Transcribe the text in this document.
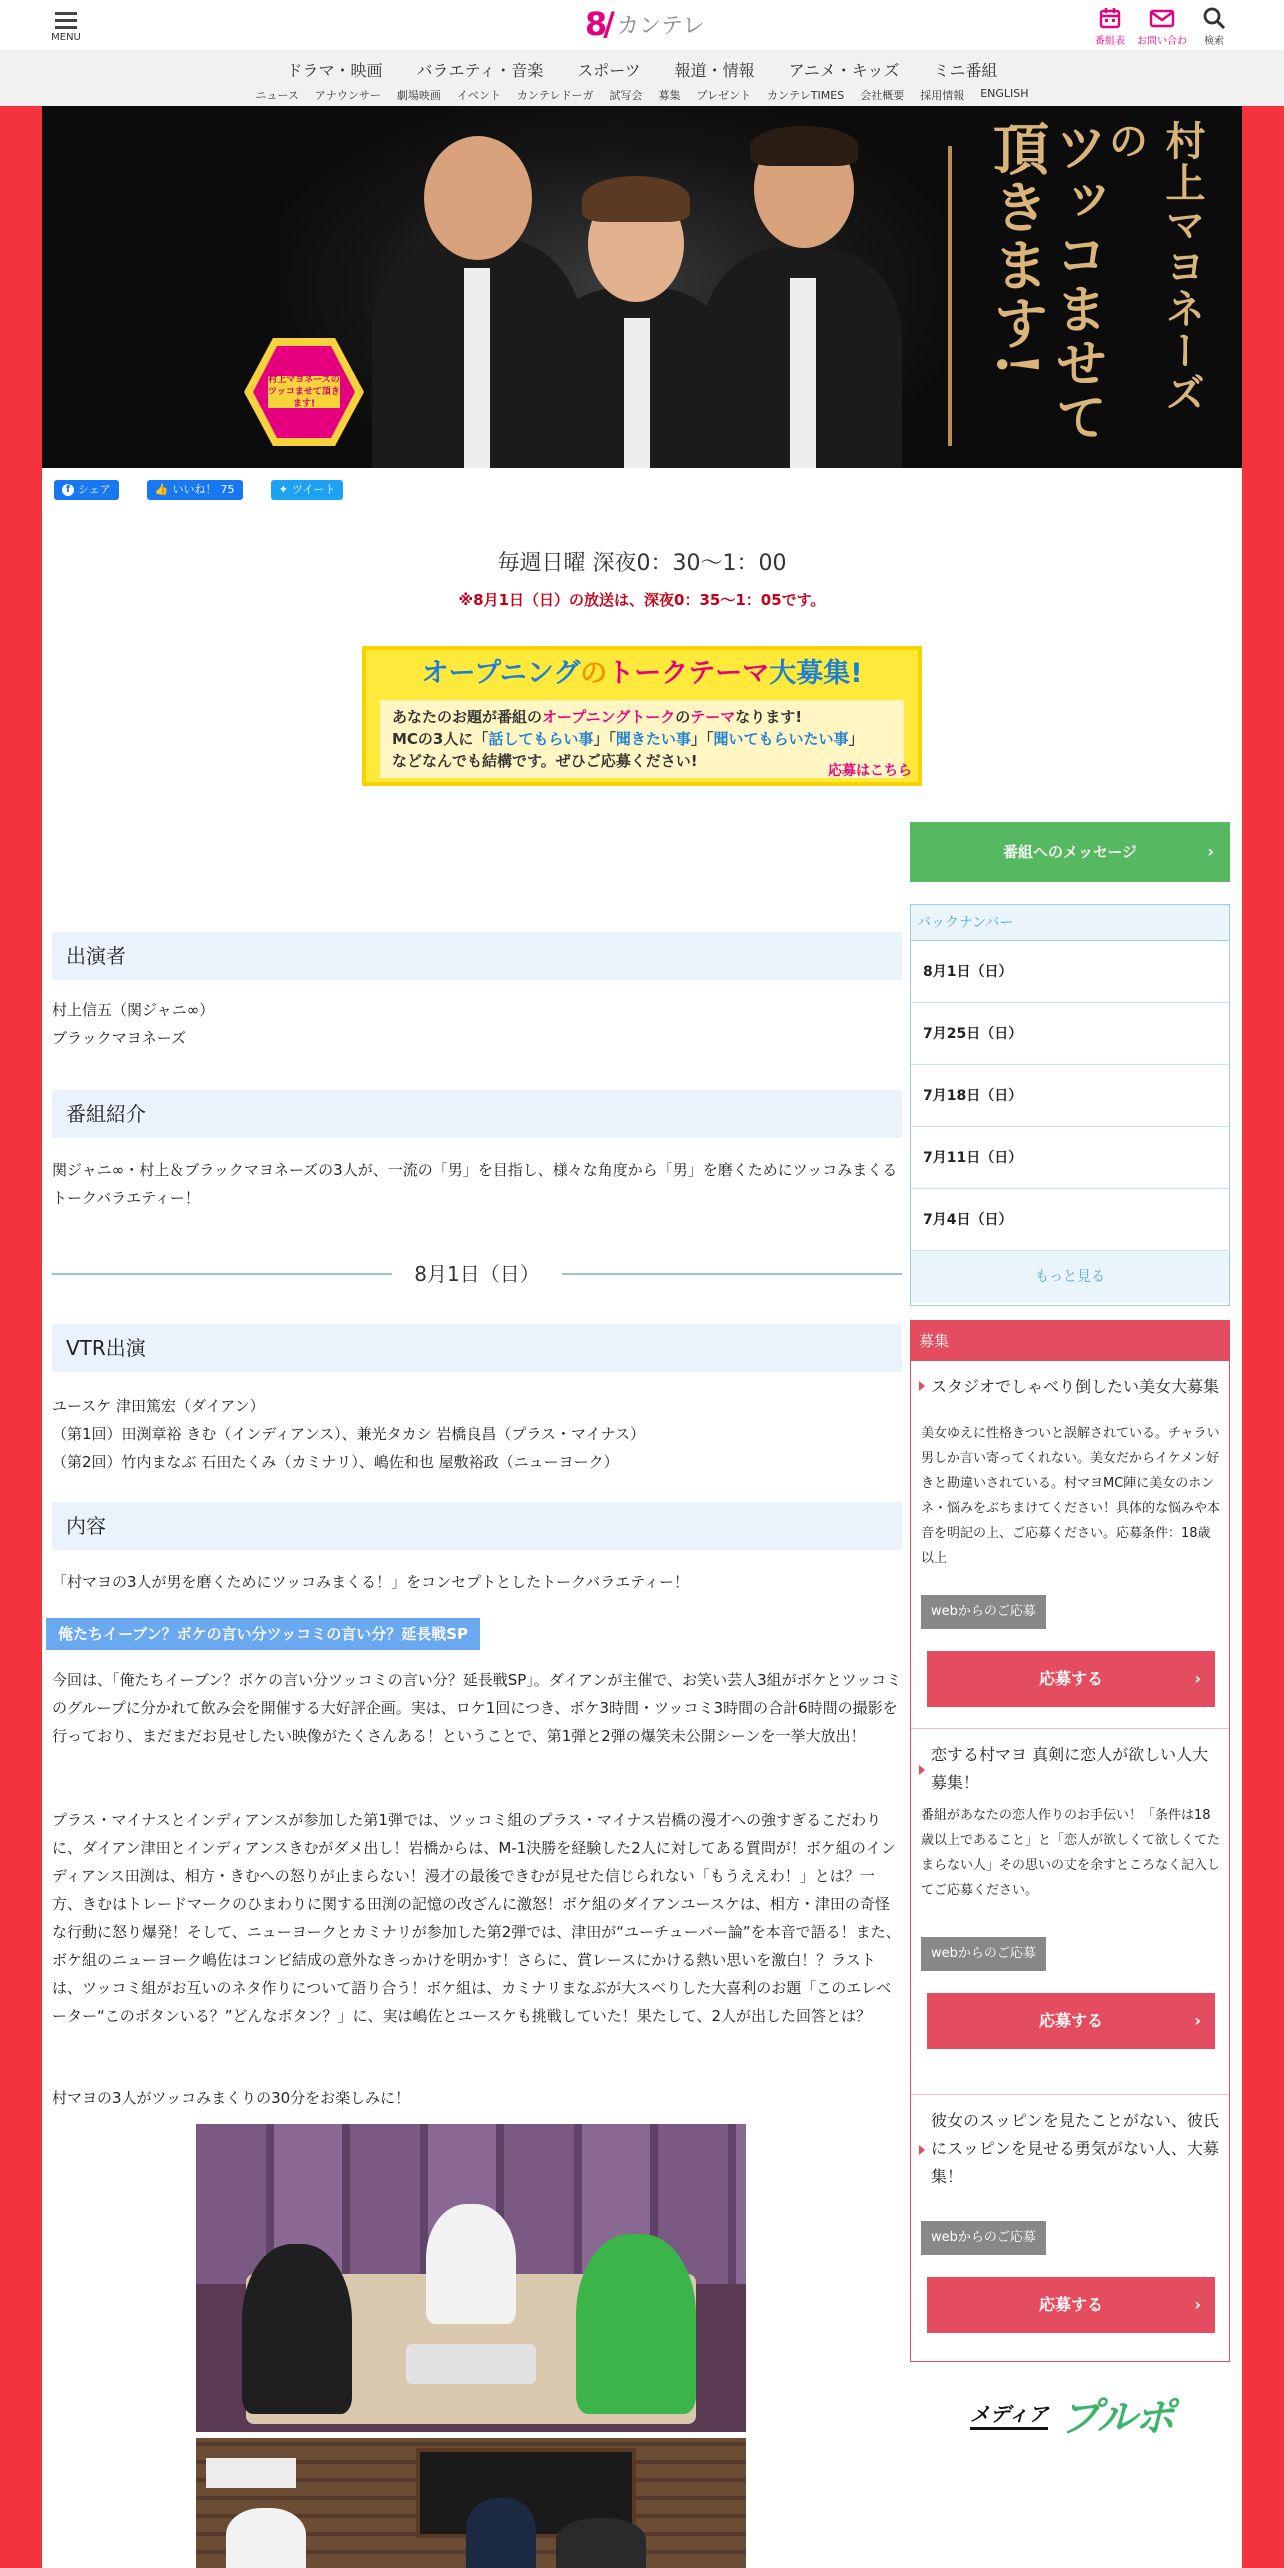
MENU	8 / カンテレ
番組表	お問い合わ	検索
ドラマ・映画 バラエティ・音楽 スポーツ 報道・情報 アニメ・キッズ ミニ番組
ニュース アナウンサー 劇場映画 イベント カンテレドーガ 試写会 募集 プレゼント カンテレTIMES 会社概要 採用情報 ENGLISH
村上マヨネーズのツッコませて頂きます!	村上マヨネーズの
ツッコませて
頂きます!
f シェア	👍 いいね！ 75	✦ ツイート
毎週日曜 深夜0：30～1：00
※8月1日（日）の放送は、深夜0：35～1：05です。
オープニングのトークテーマ大募集!
あなたのお題が番組のオープニングトークのテーマなります!
MCの3人に「話してもらい事」「聞きたい事」「聞いてもらいたい事」
などなんでも結構です。ぜひご応募ください!
応募はこちら
出演者
村上信五（関ジャニ∞）
ブラックマヨネーズ
番組紹介
関ジャニ∞・村上＆ブラックマヨネーズの3人が、一流の「男」を目指し、様々な角度から「男」を磨くためにツッコみまくるトークバラエティー！
8月1日（日）
VTR出演
ユースケ 津田篤宏（ダイアン）
（第1回）田渕章裕 きむ（インディアンス）、兼光タカシ 岩橋良昌（プラス・マイナス）
（第2回）竹内まなぶ 石田たくみ（カミナリ）、嶋佐和也 屋敷裕政（ニューヨーク）
内容
「村マヨの3人が男を磨くためにツッコみまくる！」をコンセプトとしたトークバラエティー！
俺たちイーブン？ボケの言い分ツッコミの言い分？延長戦SP
今回は、「俺たちイーブン？ボケの言い分ツッコミの言い分？延長戦SP」。ダイアンが主催で、お笑い芸人3組がボケとツッコミのグループに分かれて飲み会を開催する大好評企画。実は、ロケ1回につき、ボケ3時間・ツッコミ3時間の合計6時間の撮影を行っており、まだまだお見せしたい映像がたくさんある！ということで、第1弾と2弾の爆笑未公開シーンを一挙大放出！
プラス・マイナスとインディアンスが参加した第1弾では、ツッコミ組のプラス・マイナス岩橋の漫才への強すぎるこだわりに、ダイアン津田とインディアンスきむがダメ出し！岩橋からは、M-1決勝を経験した2人に対してある質問が！ボケ組のインディアンス田渕は、相方・きむへの怒りが止まらない！漫才の最後できむが見せた信じられない「もうええわ！」とは？一方、きむはトレードマークのひまわりに関する田渕の記憶の改ざんに激怒！ボケ組のダイアンユースケは、相方・津田の奇怪な行動に怒り爆発！そして、ニューヨークとカミナリが参加した第2弾では、津田が“ユーチューバー論”を本音で語る！また、ボケ組のニューヨーク嶋佐はコンビ結成の意外なきっかけを明かす！さらに、賞レースにかける熱い思いを激白！？ラストは、ツッコミ組がお互いのネタ作りについて語り合う！ボケ組は、カミナリまなぶが大スベりした大喜利のお題「このエレベーター“このボタンいる？”どんなボタン？」に、実は嶋佐とユースケも挑戦していた！果たして、2人が出した回答とは？
村マヨの3人がツッコみまくりの30分をお楽しみに！
番組へのメッセージ	›
バックナンバー
8月1日（日）
7月25日（日）
7月18日（日）
7月11日（日）
7月4日（日）
もっと見る
募集
スタジオでしゃべり倒したい美女大募集
美女ゆえに性格きついと誤解されている。チャラい男しか言い寄ってくれない。美女だからイケメン好きと勘違いされている。村マヨMC陣に美女のホンネ・悩みをぶちまけてください！具体的な悩みや本音を明記の上、ご応募ください。応募条件：18歳以上
webからのご応募
応募する	›
恋する村マヨ 真剣に恋人が欲しい人大募集！
番組があなたの恋人作りのお手伝い！「条件は18歳以上であること」と「恋人が欲しくて欲しくてたまらない人」その思いの丈を余すところなく記入してご応募ください。
webからのご応募
応募する	›
彼女のスッピンを見たことがない、彼氏にスッピンを見せる勇気がない人、大募集！
webからのご応募
応募する	›
メディア プルポ
